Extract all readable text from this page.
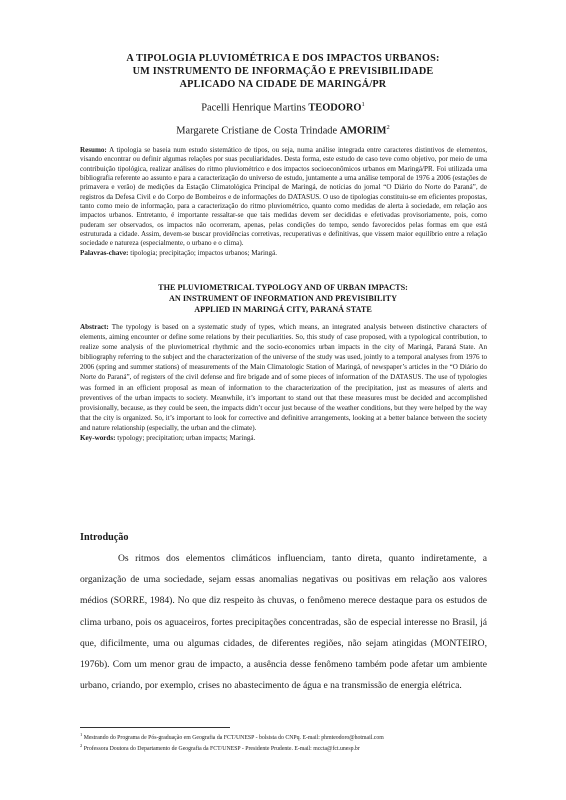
A TIPOLOGIA PLUVIOMÉTRICA E DOS IMPACTOS URBANOS:
UM INSTRUMENTO DE INFORMAÇÃO E PREVISIBILIDADE
APLICADO NA CIDADE DE MARINGÁ/PR
Pacelli Henrique Martins TEODORO$^1$
Margarete Cristiane de Costa Trindade AMORIM$^2$
Resumo: A tipologia se baseia num estudo sistemático de tipos, ou seja, numa análise integrada entre caracteres distintivos de elementos, visando encontrar ou definir algumas relações por suas peculiaridades. Desta forma, este estudo de caso teve como objetivo, por meio de uma contribuição tipológica, realizar análises do ritmo pluviométrico e dos impactos socioeconômicos urbanos em Maringá/PR. Foi utilizada uma bibliografia referente ao assunto e para a caracterização do universo de estudo, juntamente a uma análise temporal de 1976 a 2006 (estações de primavera e verão) de medições da Estação Climatológica Principal de Maringá, de notícias do jornal “O Diário do Norte do Paraná”, de registros da Defesa Civil e do Corpo de Bombeiros e de informações do DATASUS. O uso de tipologias constituiu-se em eficientes propostas, tanto como meio de informação, para a caracterização do ritmo pluviométrico, quanto como medidas de alerta à sociedade, em relação aos impactos urbanos. Entretanto, é importante ressaltar-se que tais medidas devem ser decididas e efetivadas provisoriamente, pois, como puderam ser observados, os impactos não ocorreram, apenas, pelas condições do tempo, sendo favorecidos pelas formas em que está estruturada a cidade. Assim, devem-se buscar providências corretivas, recuperativas e definitivas, que vissem maior equilíbrio entre a relação sociedade e natureza (especialmente, o urbano e o clima).
Palavras-chave: tipologia; precipitação; impactos urbanos; Maringá.
THE PLUVIOMETRICAL TYPOLOGY AND OF URBAN IMPACTS:
AN INSTRUMENT OF INFORMATION AND PREVISIBILITY
APPLIED IN MARINGÁ CITY, PARANÁ STATE
Abstract: The typology is based on a systematic study of types, which means, an integrated analysis between distinctive characters of elements, aiming encounter or define some relations by their peculiarities. So, this study of case proposed, with a typological contribution, to realize some analysis of the pluviometrical rhythmic and the socio-economics urban impacts in the city of Maringá, Paraná State. An bibliography referring to the subject and the characterization of the universe of the study was used, jointly to a temporal analyses from 1976 to 2006 (spring and summer stations) of measurements of the Main Climatologic Station of Maringá, of newspaper’s articles in the “O Diário do Norte do Paraná”, of registers of the civil defense and fire brigade and of some pieces of information of the DATASUS. The use of typologies was formed in an efficient proposal as mean of information to the characterization of the precipitation, just as measures of alerts and preventives of the urban impacts to society. Meanwhile, it’s important to stand out that these measures must be decided and accomplished provisionally, because, as they could be seen, the impacts didn’t occur just because of the weather conditions, but they were helped by the way that the city is organized. So, it’s important to look for corrective and definitive arrangements, looking at a better balance between the society and nature relationship (especially, the urban and the climate).
Key-words: typology; precipitation; urban impacts; Maringá.
Introdução

Os ritmos dos elementos climáticos influenciam, tanto direta, quanto indiretamente, a organização de uma sociedade, sejam essas anomalias negativas ou positivas em relação aos valores médios (SORRE, 1984). No que diz respeito às chuvas, o fenômeno merece destaque para os estudos de clima urbano, pois os aguaceiros, fortes precipitações concentradas, são de especial interesse no Brasil, já que, dificilmente, uma ou algumas cidades, de diferentes regiões, não sejam atingidas (MONTEIRO, 1976b). Com um menor grau de impacto, a ausência desse fenômeno também pode afetar um ambiente urbano, criando, por exemplo, crises no abastecimento de água e na transmissão de energia elétrica.

$^1$ Mestrando do Programa de Pós-graduação em Geografia da FCT/UNESP - bolsista do CNPq. E-mail: phmteodoro@hotmail.com
$^2$ Professora Doutora do Departamento de Geografia da FCT/UNESP - Presidente Prudente. E-mail: mccta@fct.unesp.br
